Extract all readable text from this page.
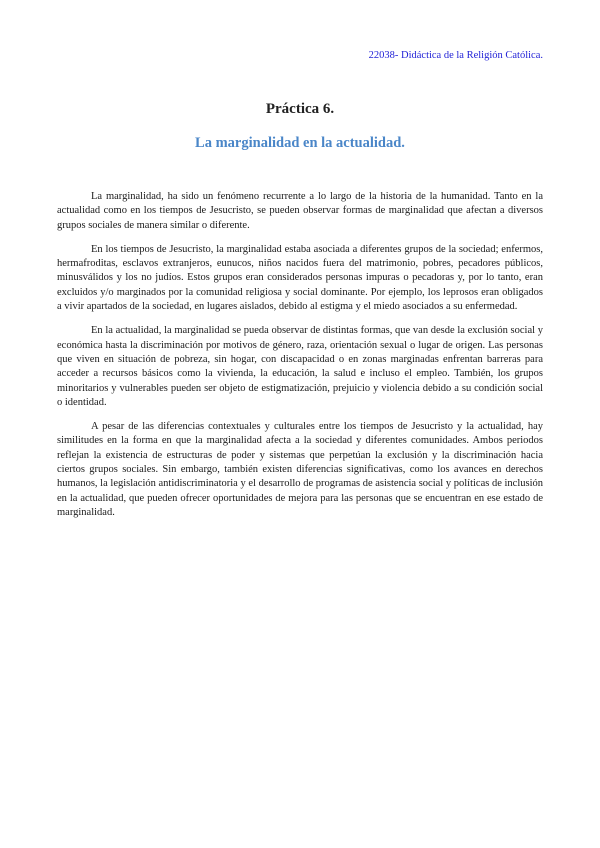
22038- Didáctica de la Religión Católica.
Práctica 6.
La marginalidad en la actualidad.

La marginalidad, ha sido un fenómeno recurrente a lo largo de la historia de la humanidad. Tanto en la actualidad como en los tiempos de Jesucristo, se pueden observar formas de marginalidad que afectan a diversos grupos sociales de manera similar o diferente.

En los tiempos de Jesucristo, la marginalidad estaba asociada a diferentes grupos de la sociedad; enfermos, hermafroditas, esclavos extranjeros, eunucos, niños nacidos fuera del matrimonio, pobres, pecadores públicos, minusválidos y los no judíos. Estos grupos eran considerados personas impuras o pecadoras y, por lo tanto, eran excluidos y/o marginados por la comunidad religiosa y social dominante. Por ejemplo, los leprosos eran obligados a vivir apartados de la sociedad, en lugares aislados, debido al estigma y el miedo asociados a su enfermedad.

En la actualidad, la marginalidad se pueda observar de distintas formas, que van desde la exclusión social y económica hasta la discriminación por motivos de género, raza, orientación sexual o lugar de origen. Las personas que viven en situación de pobreza, sin hogar, con discapacidad o en zonas marginadas enfrentan barreras para acceder a recursos básicos como la vivienda, la educación, la salud e incluso el empleo. También, los grupos minoritarios y vulnerables pueden ser objeto de estigmatización, prejuicio y violencia debido a su condición social o identidad.

A pesar de las diferencias contextuales y culturales entre los tiempos de Jesucristo y la actualidad, hay similitudes en la forma en que la marginalidad afecta a la sociedad y diferentes comunidades. Ambos periodos reflejan la existencia de estructuras de poder y sistemas que perpetúan la exclusión y la discriminación hacia ciertos grupos sociales. Sin embargo, también existen diferencias significativas, como los avances en derechos humanos, la legislación antidiscriminatoria y el desarrollo de programas de asistencia social y políticas de inclusión en la actualidad, que pueden ofrecer oportunidades de mejora para las personas que se encuentran en ese estado de marginalidad.
